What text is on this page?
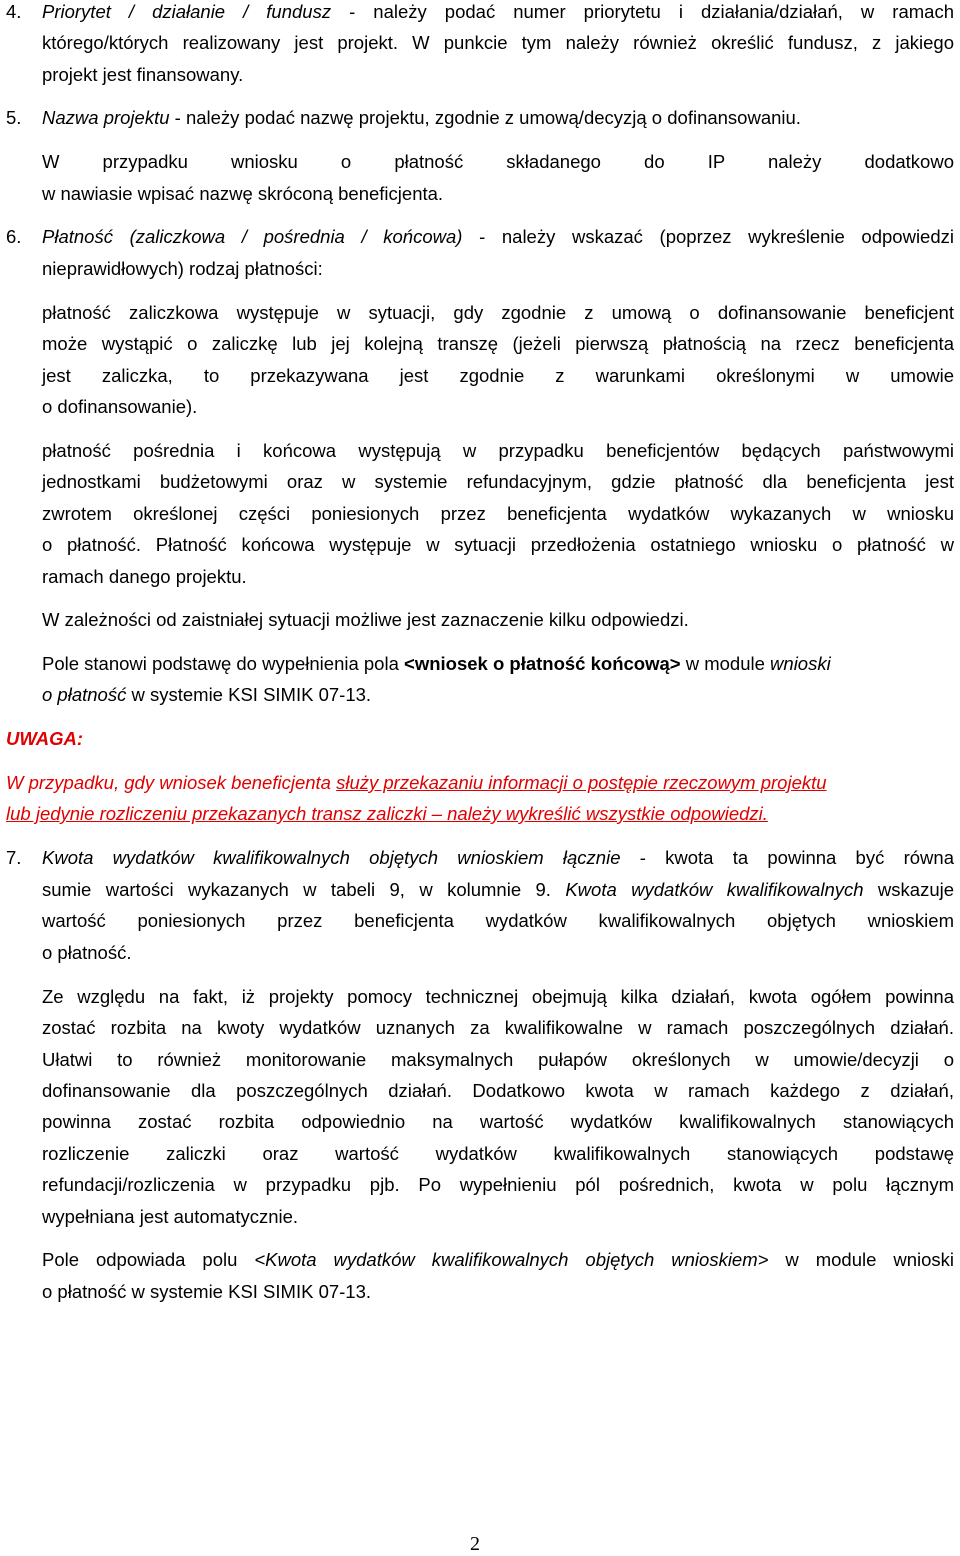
4. Priorytet / działanie / fundusz - należy podać numer priorytetu i działania/działań, w ramach
którego/których realizowany jest projekt. W punkcie tym należy również określić fundusz, z jakiego
projekt jest finansowany.
5. Nazwa projektu - należy podać nazwę projektu, zgodnie z umową/decyzją o dofinansowaniu.
W przypadku wniosku o płatność składanego do IP należy dodatkowo
w nawiasie wpisać nazwę skróconą beneficjenta.
6. Płatność (zaliczkowa / pośrednia / końcowa) - należy wskazać (poprzez wykreślenie odpowiedzi
nieprawidłowych) rodzaj płatności:
płatność zaliczkowa występuje w sytuacji, gdy zgodnie z umową o dofinansowanie beneficjent
może wystąpić o zaliczkę lub jej kolejną transzę (jeżeli pierwszą płatnością na rzecz beneficjenta
jest zaliczka, to przekazywana jest zgodnie z warunkami określonymi w umowie
o dofinansowanie).
płatność pośrednia i końcowa występują w przypadku beneficjentów będących państwowymi
jednostkami budżetowymi oraz w systemie refundacyjnym, gdzie płatność dla beneficjenta jest
zwrotem określonej części poniesionych przez beneficjenta wydatków wykazanych w wniosku
o płatność. Płatność końcowa występuje w sytuacji przedłożenia ostatniego wniosku o płatność w
ramach danego projektu.
W zależności od zaistniałej sytuacji możliwe jest zaznaczenie kilku odpowiedzi.
Pole stanowi podstawę do wypełnienia pola <wniosek o płatność końcową> w module wnioski
o płatność w systemie KSI SIMIK 07-13.
UWAGA:
W przypadku, gdy wniosek beneficjenta służy przekazaniu informacji o postępie rzeczowym projektu
lub jedynie rozliczeniu przekazanych transz zaliczki – należy wykreślić wszystkie odpowiedzi.
7. Kwota wydatków kwalifikowalnych objętych wnioskiem łącznie - kwota ta powinna być równa
sumie wartości wykazanych w tabeli 9, w kolumnie 9. Kwota wydatków kwalifikowalnych wskazuje
wartość poniesionych przez beneficjenta wydatków kwalifikowalnych objętych wnioskiem
o płatność.
Ze względu na fakt, iż projekty pomocy technicznej obejmują kilka działań, kwota ogółem powinna
zostać rozbita na kwoty wydatków uznanych za kwalifikowalne w ramach poszczególnych działań.
Ułatwi to również monitorowanie maksymalnych pułapów określonych w umowie/decyzji o
dofinansowanie dla poszczególnych działań. Dodatkowo kwota w ramach każdego z działań,
powinna zostać rozbita odpowiednio na wartość wydatków kwalifikowalnych stanowiących
rozliczenie zaliczki oraz wartość wydatków kwalifikowalnych stanowiących podstawę
refundacji/rozliczenia w przypadku pjb. Po wypełnieniu pól pośrednich, kwota w polu łącznym
wypełniana jest automatycznie.
Pole odpowiada polu <Kwota wydatków kwalifikowalnych objętych wnioskiem> w module wnioski
o płatność w systemie KSI SIMIK 07-13.
2
